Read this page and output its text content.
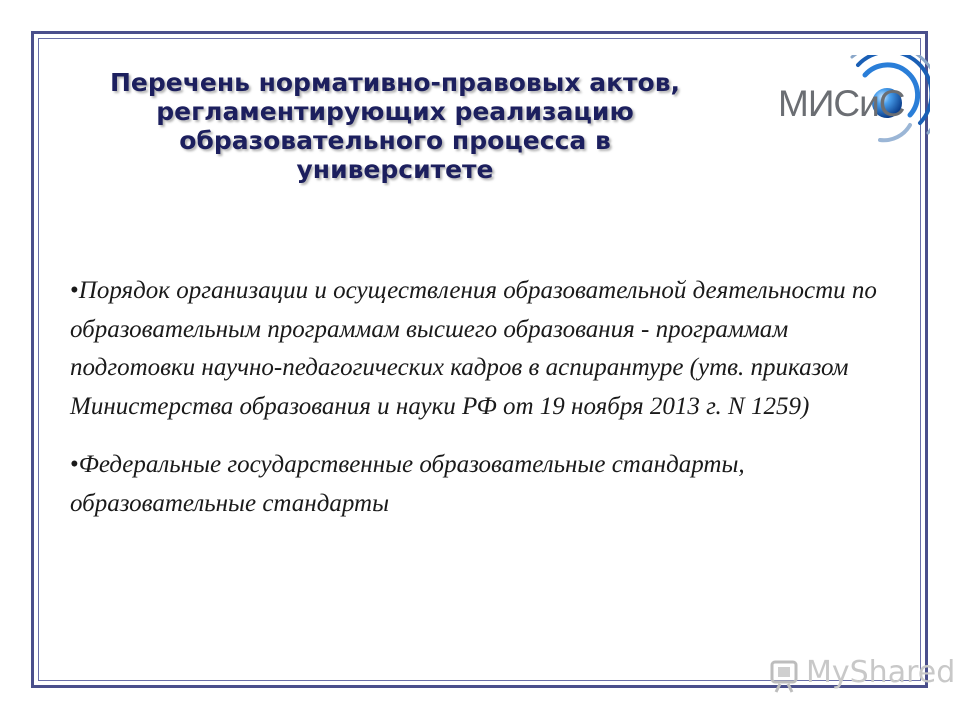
Перечень нормативно-правовых актов,
регламентирующих реализацию
образовательного процесса в
университете
МИСиС

•Порядок организации и осуществления образовательной деятельности по образовательным программам высшего образования - программам подготовки научно-педагогических кадров в аспирантуре (утв. приказом Министерства образования и науки РФ от 19 ноября 2013 г. N 1259)

•Федеральные государственные образовательные стандарты, образовательные стандарты

MyShared
